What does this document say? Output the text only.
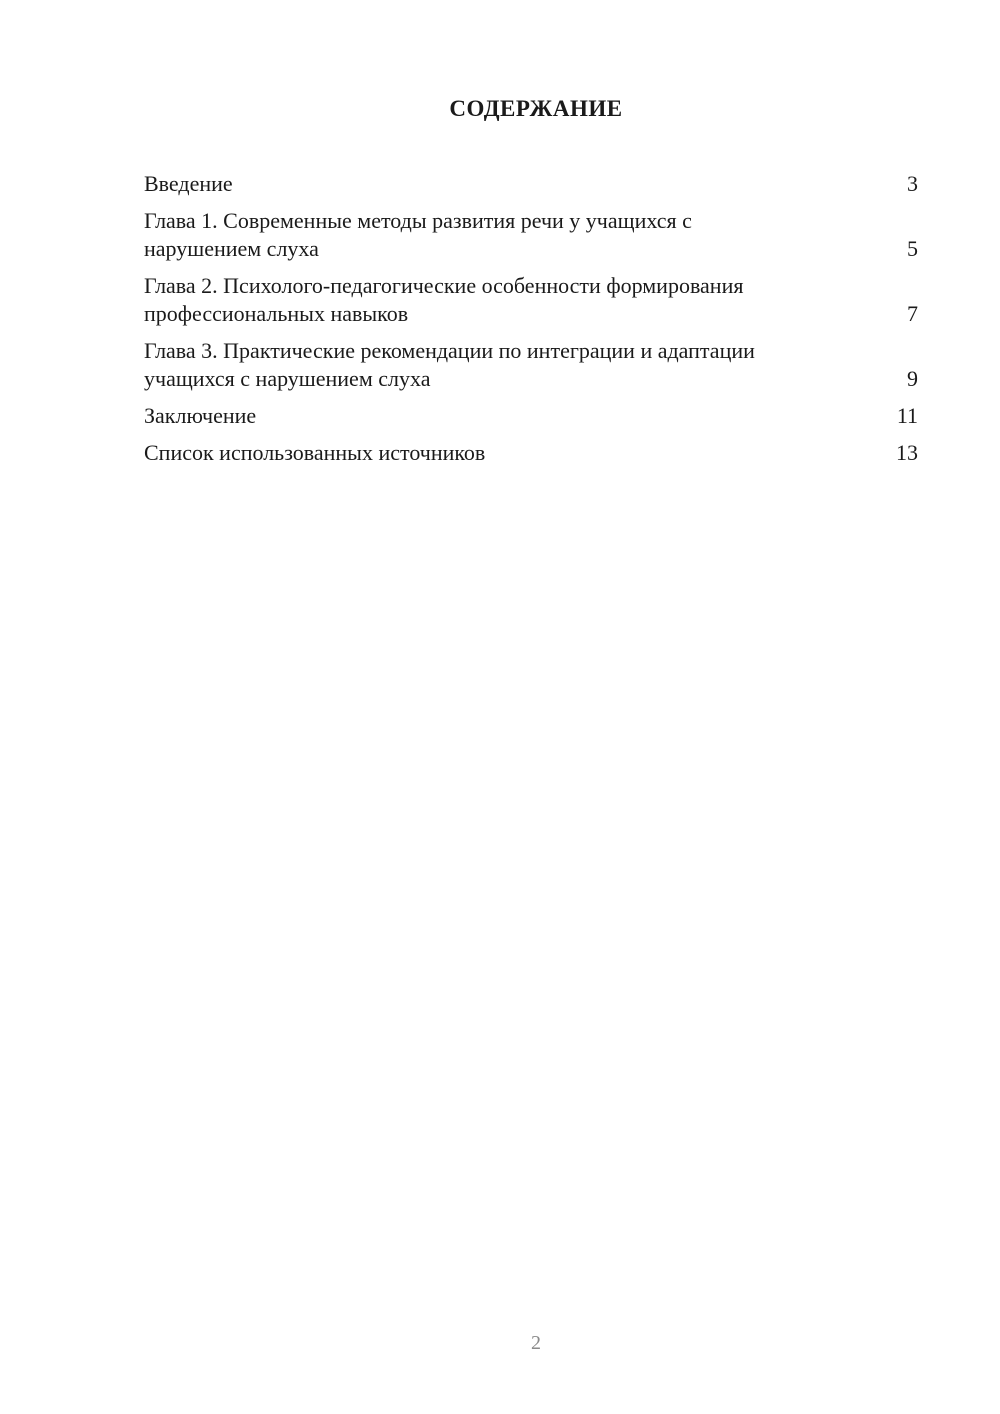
СОДЕРЖАНИЕ
Введение	3
Глава 1. Современные методы развития речи у учащихся с нарушением слуха	5
Глава 2. Психолого-педагогические особенности формирования профессиональных навыков	7
Глава 3. Практические рекомендации по интеграции и адаптации учащихся с нарушением слуха	9
Заключение	11
Список использованных источников	13
2
